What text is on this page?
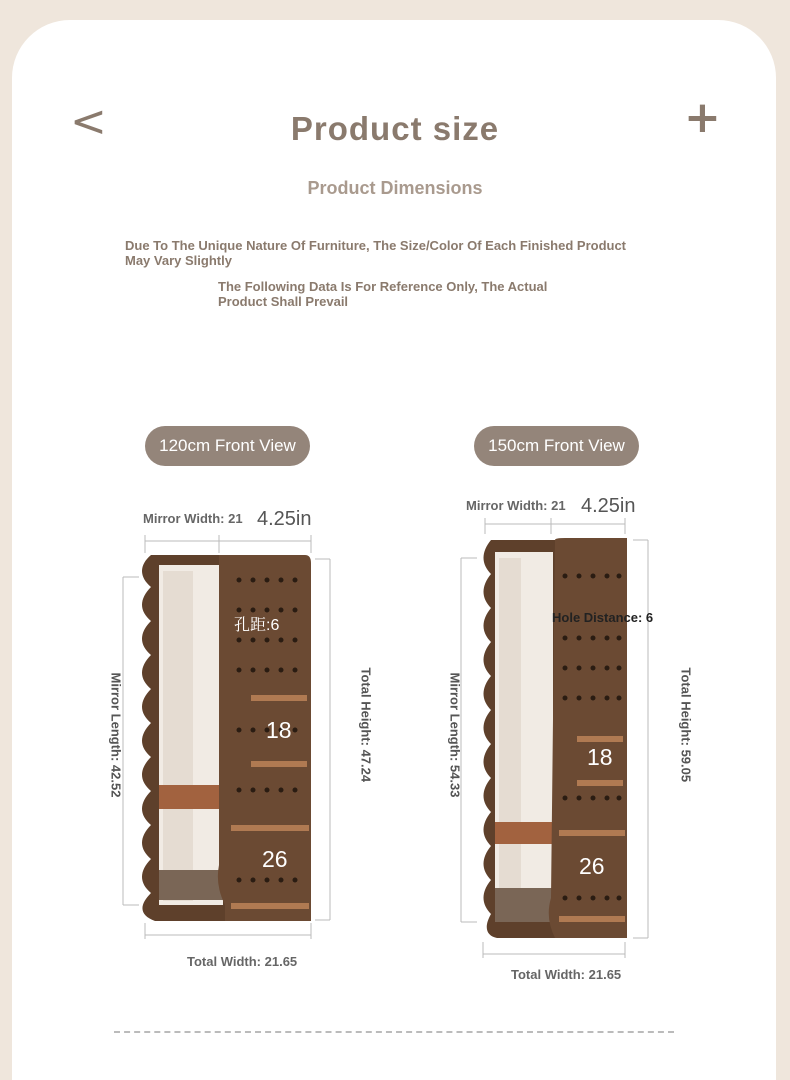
<	+
Product size
Product Dimensions
Due To The Unique Nature Of Furniture, The Size/Color Of Each Finished Product May Vary Slightly
The Following Data Is For Reference Only, The Actual Product Shall Prevail
120cm Front View
Mirror Width: 21 4.25in
孔距:6
Mirror Length: 42.52	Total Height: 47.24
18
26
Total Width: 21.65
150cm Front View
Mirror Width: 21 4.25in
Hole Distance: 6
Mirror Length: 54.33	Total Height: 59.05
18
26
Total Width: 21.65
